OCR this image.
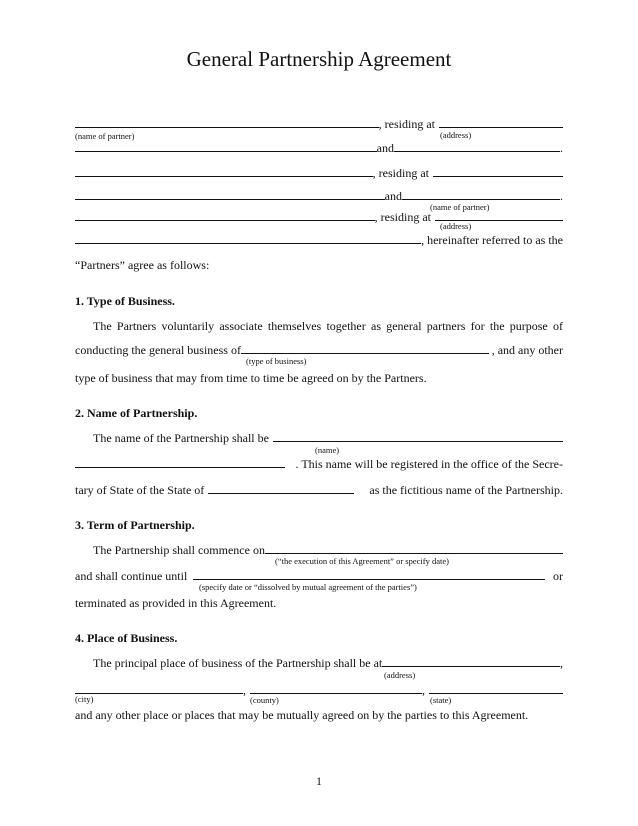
General Partnership Agreement
, residing at
(name of partner)	(address)
and	.
, residing at
and	.
(name of partner)
, residing at
(address)
, hereinafter referred to as the
“Partners” agree as follows:
1. Type of Business.
The Partners voluntarily associate themselves together as general partners for the purpose of
conducting the general business of	, and any other
(type of business)
type of business that may from time to time be agreed on by the Partners.
2. Name of Partnership.
The name of the Partnership shall be
(name)
. This name will be registered in the office of the Secre-
tary of State of the State of	as the fictitious name of the Partnership.
3. Term of Partnership.
The Partnership shall commence on
(“the execution of this Agreement” or specify date)
and shall continue until	or
(specify date or “dissolved by mutual agreement of the parties”)
terminated as provided in this Agreement.
4. Place of Business.
The principal place of business of the Partnership shall be at	,
(address)
,	,
(city)	(county)	(state)
and any other place or places that may be mutually agreed on by the parties to this Agreement.
1
